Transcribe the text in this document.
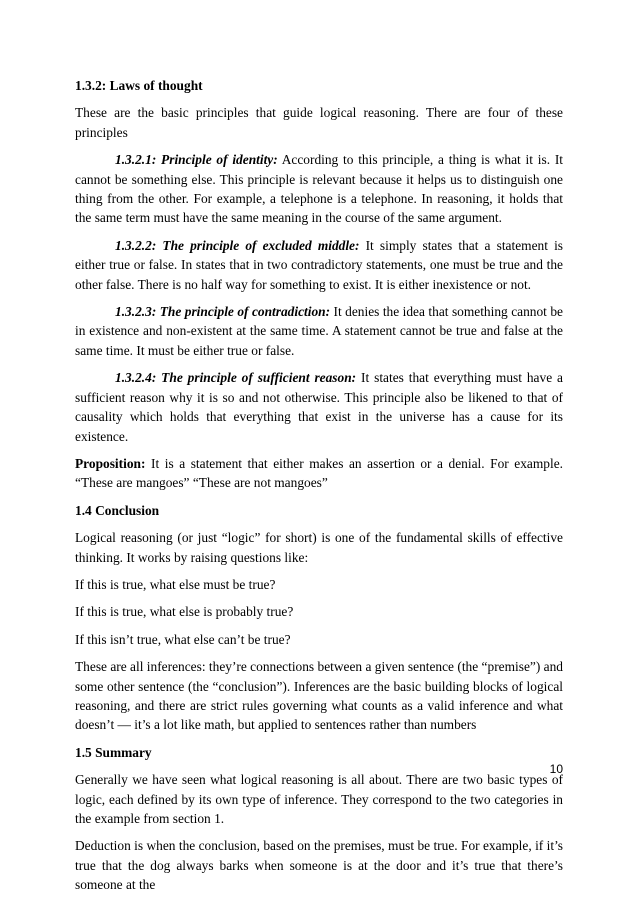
1.3.2: Laws of thought

These are the basic principles that guide logical reasoning. There are four of these principles

1.3.2.1: Principle of identity: According to this principle, a thing is what it is. It cannot be something else. This principle is relevant because it helps us to distinguish one thing from the other. For example, a telephone is a telephone. In reasoning, it holds that the same term must have the same meaning in the course of the same argument.

1.3.2.2: The principle of excluded middle: It simply states that a statement is either true or false. In states that in two contradictory statements, one must be true and the other false. There is no half way for something to exist. It is either inexistence or not.

1.3.2.3: The principle of contradiction: It denies the idea that something cannot be in existence and non-existent at the same time. A statement cannot be true and false at the same time. It must be either true or false.

1.3.2.4: The principle of sufficient reason: It states that everything must have a sufficient reason why it is so and not otherwise. This principle also be likened to that of causality which holds that everything that exist in the universe has a cause for its existence.

Proposition: It is a statement that either makes an assertion or a denial. For example. “These are mangoes” “These are not mangoes”

1.4 Conclusion

Logical reasoning (or just “logic” for short) is one of the fundamental skills of effective thinking. It works by raising questions like:

If this is true, what else must be true?

If this is true, what else is probably true?

If this isn’t true, what else can’t be true?

These are all inferences: they’re connections between a given sentence (the “premise”) and some other sentence (the “conclusion”). Inferences are the basic building blocks of logical reasoning, and there are strict rules governing what counts as a valid inference and what doesn’t — it’s a lot like math, but applied to sentences rather than numbers

1.5 Summary

Generally we have seen what logical reasoning is all about. There are two basic types of logic, each defined by its own type of inference. They correspond to the two categories in the example from section 1.

Deduction is when the conclusion, based on the premises, must be true. For example, if it’s true that the dog always barks when someone is at the door and it’s true that there’s someone at the

10
